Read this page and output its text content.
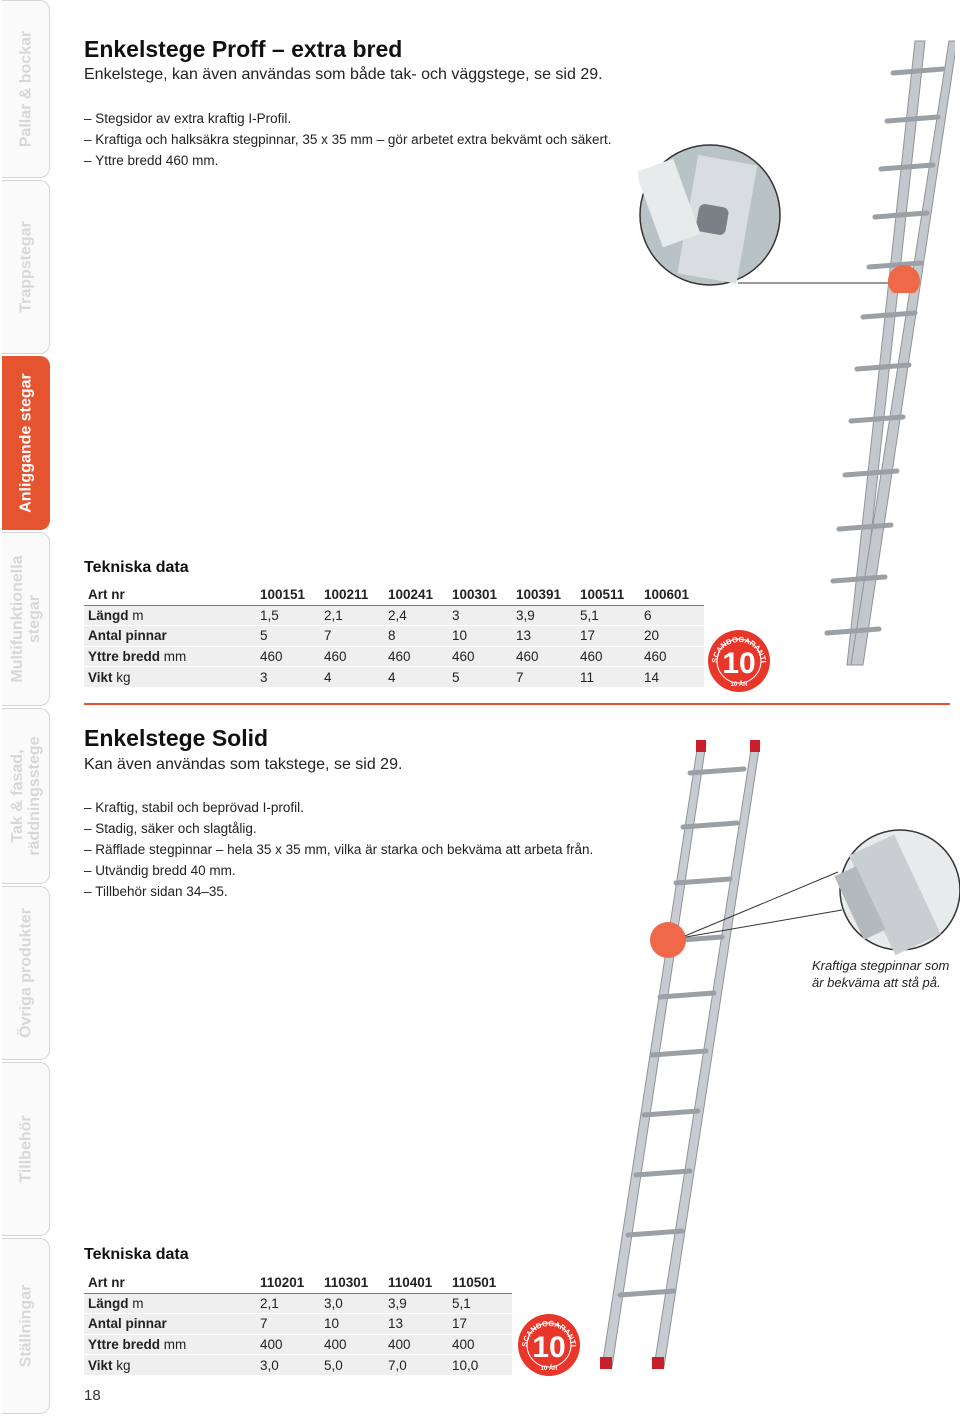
Pallar & bockar
Trappstegar
Anliggande stegar
Multifunktionella stegar
Tak & fasad, räddningsstege
Övriga produkter
Tillbehör
Ställningar
Enkelstege Proff – extra bred
Enkelstege, kan även användas som både tak- och väggstege, se sid 29.
– Stegsidor av extra kraftig I-Profil.
– Kraftiga och halksäkra stegpinnar, 35 x 35 mm – gör arbetet extra bekvämt och säkert.
– Yttre bredd 460 mm.
Tekniska data
Art nr	100151	100211	100241	100301	100391	100511	100601
Längd m	1,5	2,1	2,4	3	3,9	5,1	6
Antal pinnar	5	7	8	10	13	17	20
Yttre bredd mm	460	460	460	460	460	460	460
Vikt kg	3	4	4	5	7	11	14
SCANDOGARANTI
10
10 ÅR
Enkelstege Solid
Kan även användas som takstege, se sid 29.
– Kraftig, stabil och beprövad I-profil.
– Stadig, säker och slagtålig.
– Räfflade stegpinnar – hela 35 x 35 mm, vilka är starka och bekväma att arbeta från.
– Utvändig bredd 40 mm.
– Tillbehör sidan 34–35.
Kraftiga stegpinnar som är bekväma att stå på.
Tekniska data
Art nr	110201	110301	110401	110501
Längd m	2,1	3,0	3,9	5,1
Antal pinnar	7	10	13	17
Yttre bredd mm	400	400	400	400
Vikt kg	3,0	5,0	7,0	10,0
SCANDOGARANTI
10
10 ÅR
18
